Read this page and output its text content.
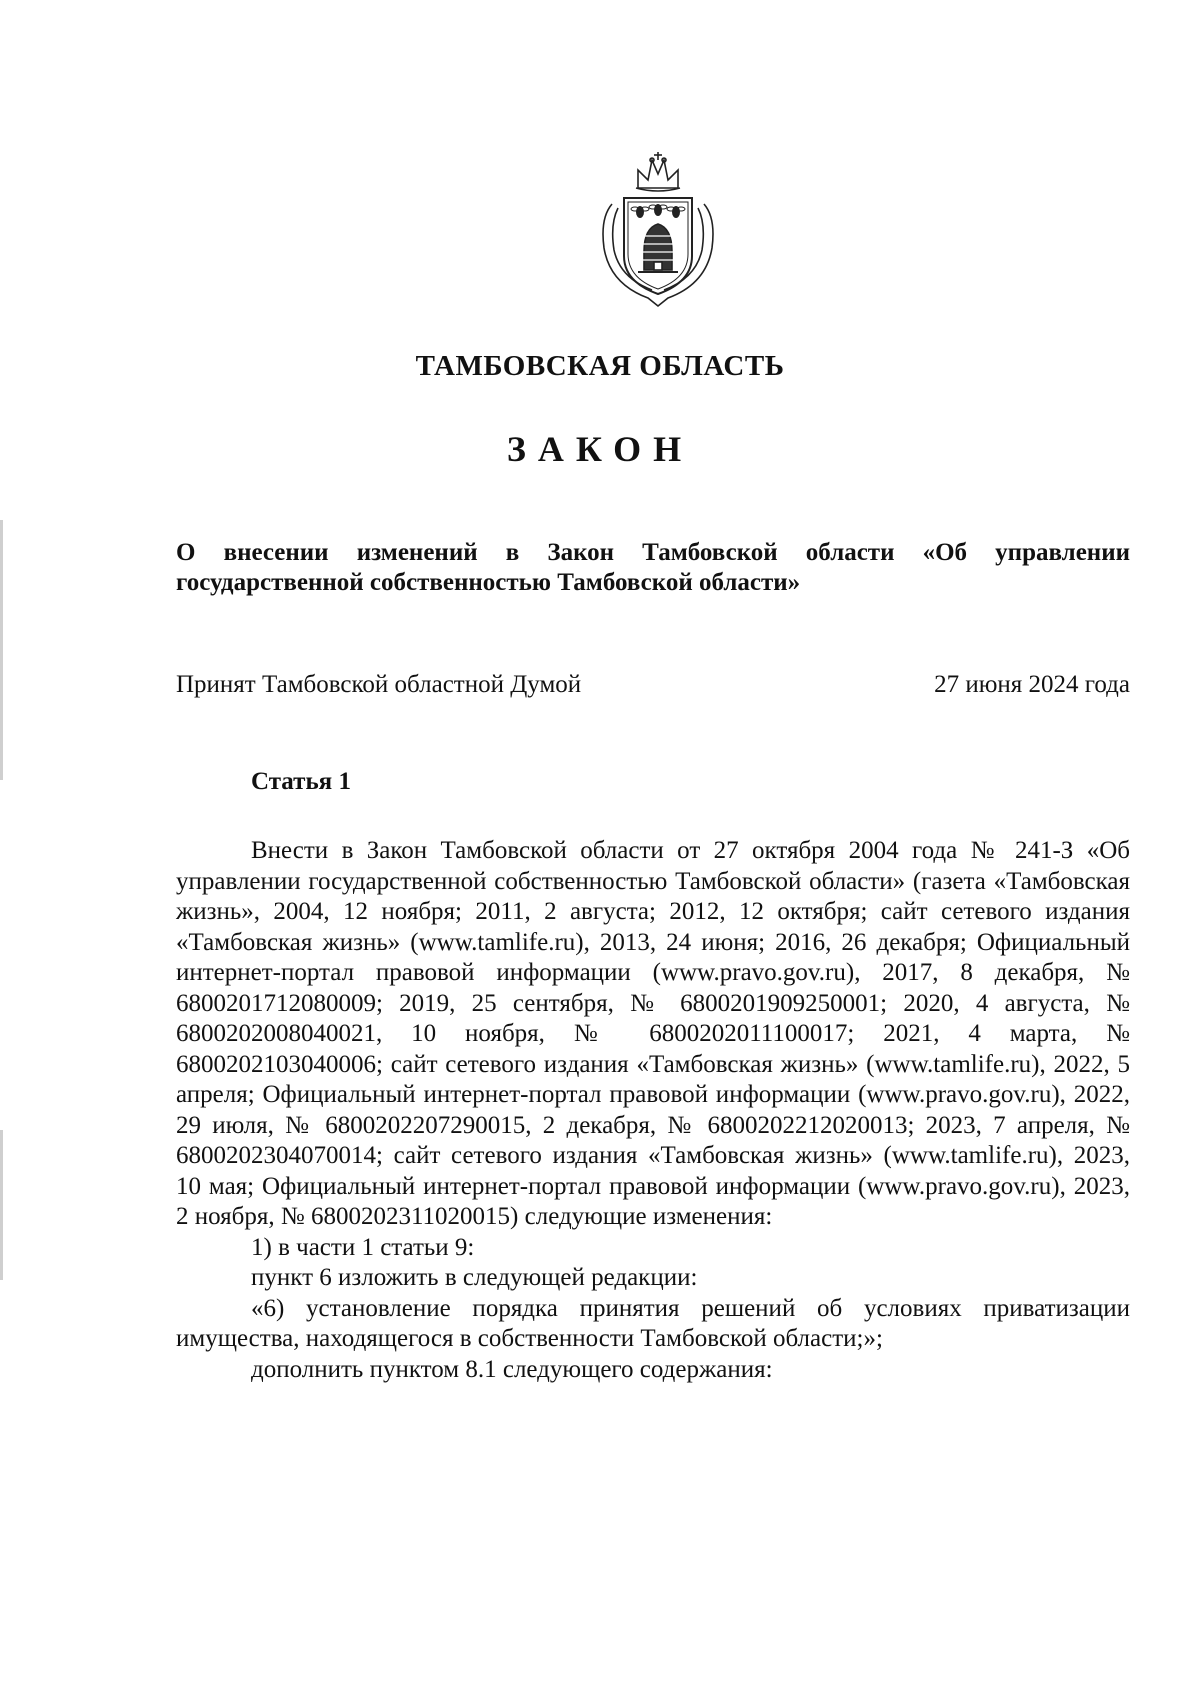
ТАМБОВСКАЯ ОБЛАСТЬ
ЗАКОН
О внесении изменений в Закон Тамбовской области «Об управлении государственной собственностью Тамбовской области»
Принят Тамбовской областной Думой	27 июня 2024 года
Статья 1

Внести в Закон Тамбовской области от 27 октября 2004 года № 241-З «Об управлении государственной собственностью Тамбовской области» (газета «Тамбовская жизнь», 2004, 12 ноября; 2011, 2 августа; 2012, 12 октября; сайт сетевого издания «Тамбовская жизнь» (www.tamlife.ru), 2013, 24 июня; 2016, 26 декабря; Официальный интернет-портал правовой информации (www.pravo.gov.ru), 2017, 8 декабря, № 6800201712080009; 2019, 25 сентября, № 6800201909250001; 2020, 4 августа, № 6800202008040021, 10 ноября, № 6800202011100017; 2021, 4 марта, № 6800202103040006; сайт сетевого издания «Тамбовская жизнь» (www.tamlife.ru), 2022, 5 апреля; Официальный интернет-портал правовой информации (www.pravo.gov.ru), 2022, 29 июля, № 6800202207290015, 2 декабря, № 6800202212020013; 2023, 7 апреля, № 6800202304070014; сайт сетевого издания «Тамбовская жизнь» (www.tamlife.ru), 2023, 10 мая; Официальный интернет-портал правовой информации (www.pravo.gov.ru), 2023, 2 ноября, № 6800202311020015) следующие изменения:

1) в части 1 статьи 9:

пункт 6 изложить в следующей редакции:

«6) установление порядка принятия решений об условиях приватизации имущества, находящегося в собственности Тамбовской области;»;

дополнить пунктом 8.1 следующего содержания:
